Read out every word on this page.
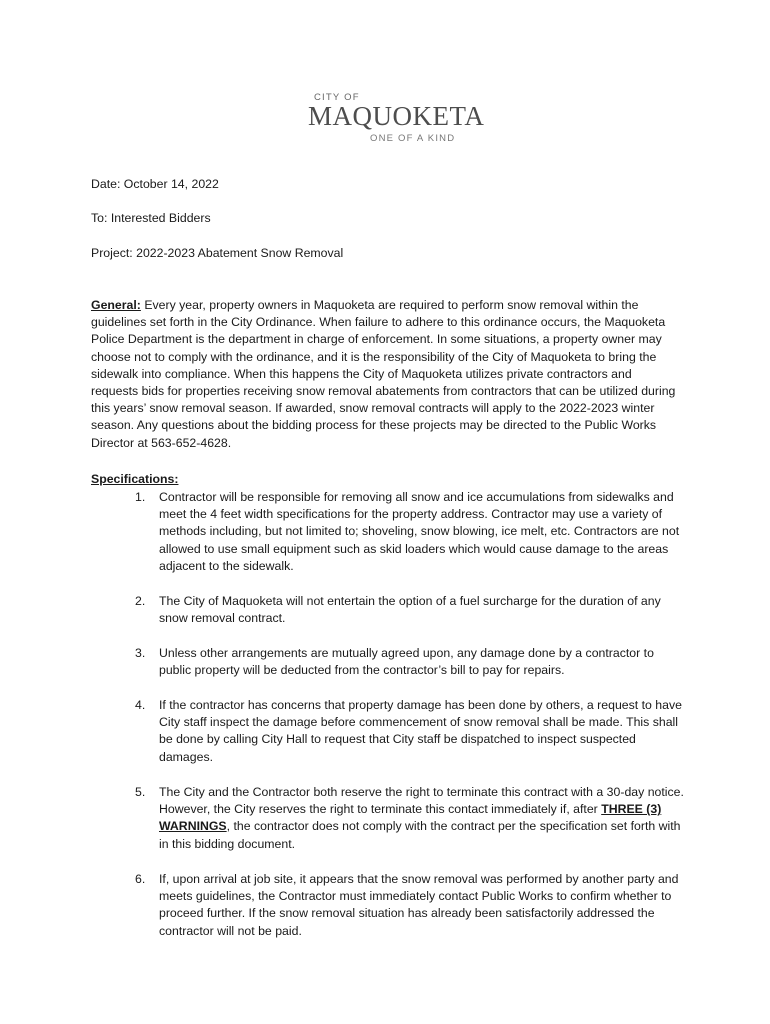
CITY OF
MAQUOKETA
ONE OF A KIND
Date: October 14, 2022
To: Interested Bidders
Project: 2022-2023 Abatement Snow Removal
General: Every year, property owners in Maquoketa are required to perform snow removal within the guidelines set forth in the City Ordinance. When failure to adhere to this ordinance occurs, the Maquoketa Police Department is the department in charge of enforcement. In some situations, a property owner may choose not to comply with the ordinance, and it is the responsibility of the City of Maquoketa to bring the sidewalk into compliance. When this happens the City of Maquoketa utilizes private contractors and requests bids for properties receiving snow removal abatements from contractors that can be utilized during this years’ snow removal season. If awarded, snow removal contracts will apply to the 2022-2023 winter season. Any questions about the bidding process for these projects may be directed to the Public Works Director at 563-652-4628.
Specifications:
1. Contractor will be responsible for removing all snow and ice accumulations from sidewalks and meet the 4 feet width specifications for the property address. Contractor may use a variety of methods including, but not limited to; shoveling, snow blowing, ice melt, etc. Contractors are not allowed to use small equipment such as skid loaders which would cause damage to the areas adjacent to the sidewalk.
2. The City of Maquoketa will not entertain the option of a fuel surcharge for the duration of any snow removal contract.
3. Unless other arrangements are mutually agreed upon, any damage done by a contractor to public property will be deducted from the contractor’s bill to pay for repairs.
4. If the contractor has concerns that property damage has been done by others, a request to have City staff inspect the damage before commencement of snow removal shall be made. This shall be done by calling City Hall to request that City staff be dispatched to inspect suspected damages.
5. The City and the Contractor both reserve the right to terminate this contract with a 30-day notice. However, the City reserves the right to terminate this contact immediately if, after THREE (3) WARNINGS, the contractor does not comply with the contract per the specification set forth with in this bidding document.
6. If, upon arrival at job site, it appears that the snow removal was performed by another party and meets guidelines, the Contractor must immediately contact Public Works to confirm whether to proceed further. If the snow removal situation has already been satisfactorily addressed the contractor will not be paid.
